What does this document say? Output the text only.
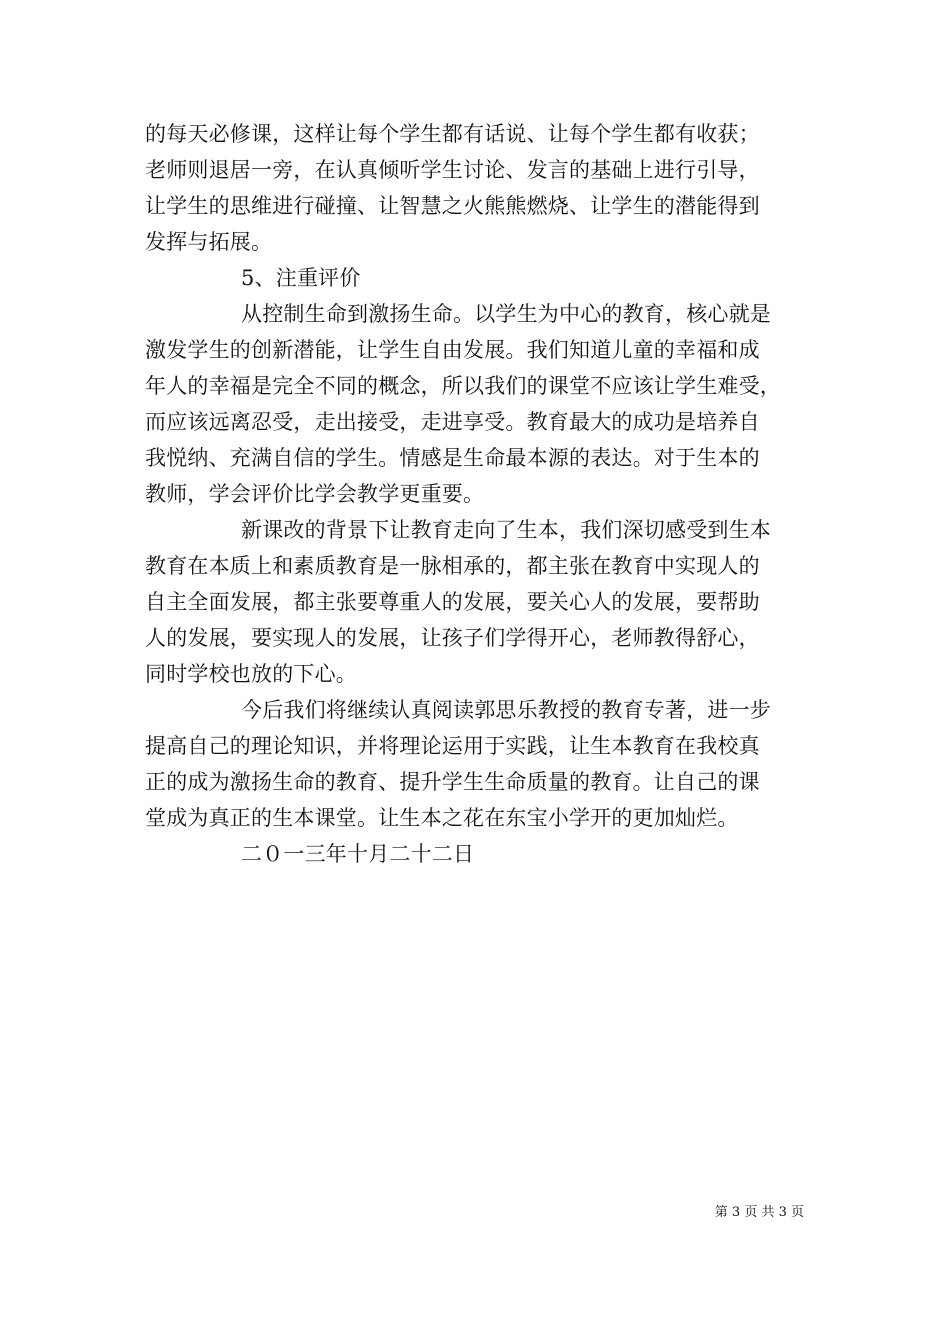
的每天必修课，这样让每个学生都有话说、让每个学生都有收获；
老师则退居一旁，在认真倾听学生讨论、发言的基础上进行引导，
让学生的思维进行碰撞、让智慧之火熊熊燃烧、让学生的潜能得到
发挥与拓展。
5、注重评价
从控制生命到激扬生命。以学生为中心的教育，核心就是
激发学生的创新潜能，让学生自由发展。我们知道儿童的幸福和成
年人的幸福是完全不同的概念，所以我们的课堂不应该让学生难受，
而应该远离忍受，走出接受，走进享受。教育最大的成功是培养自
我悦纳、充满自信的学生。情感是生命最本源的表达。对于生本的
教师，学会评价比学会教学更重要。
新课改的背景下让教育走向了生本，我们深切感受到生本
教育在本质上和素质教育是一脉相承的，都主张在教育中实现人的
自主全面发展，都主张要尊重人的发展，要关心人的发展，要帮助
人的发展，要实现人的发展，让孩子们学得开心，老师教得舒心，
同时学校也放的下心。
今后我们将继续认真阅读郭思乐教授的教育专著，进一步
提高自己的理论知识，并将理论运用于实践，让生本教育在我校真
正的成为激扬生命的教育、提升学生生命质量的教育。让自己的课
堂成为真正的生本课堂。让生本之花在东宝小学开的更加灿烂。
二０一三年十月二十二日
第 3 页 共 3 页
